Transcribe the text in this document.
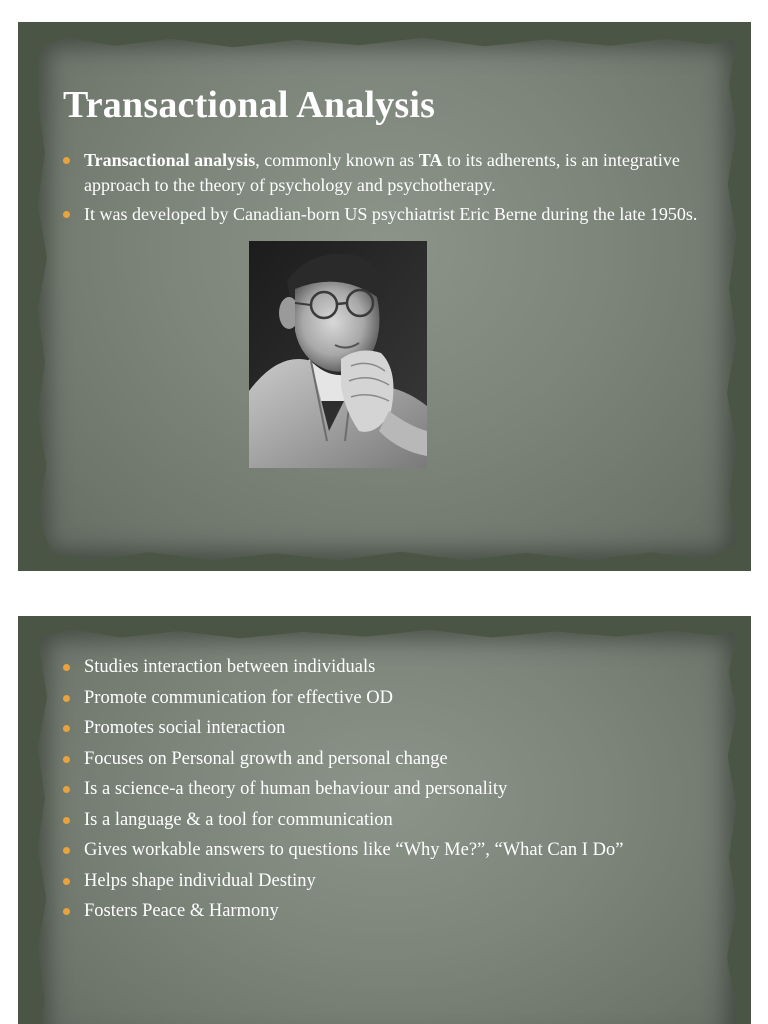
Transactional Analysis
Transactional analysis, commonly known as TA to its adherents, is an integrative approach to the theory of psychology and psychotherapy.
It was developed by Canadian-born US psychiatrist Eric Berne during the late 1950s.
Studies interaction between individuals
Promote communication for effective OD
Promotes social interaction
Focuses on Personal growth and personal change
Is a science-a theory of human behaviour and personality
Is a language & a tool for communication
Gives workable answers to questions like “Why Me?”, “What Can I Do”
Helps shape individual Destiny
Fosters Peace & Harmony
